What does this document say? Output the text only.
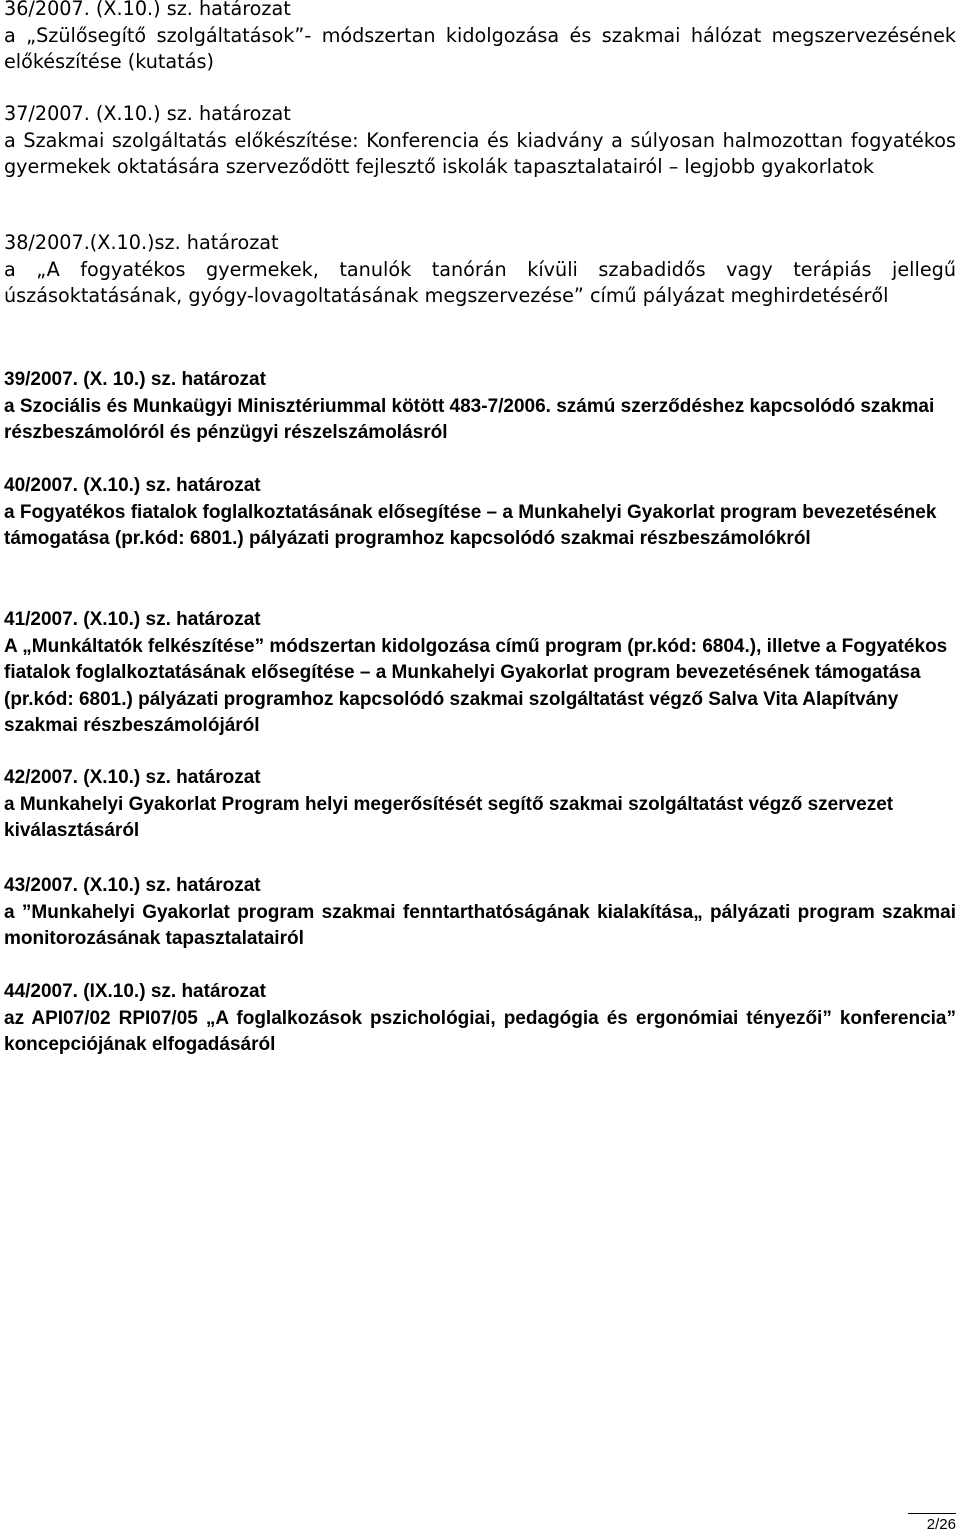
36/2007. (X.10.) sz. határozat
a „Szülősegítő szolgáltatások”- módszertan kidolgozása és szakmai hálózat megszervezésének előkészítése (kutatás)
37/2007. (X.10.) sz. határozat
a Szakmai szolgáltatás előkészítése: Konferencia és kiadvány a súlyosan halmozottan fogyatékos gyermekek oktatására szerveződött fejlesztő iskolák tapasztalatairól – legjobb gyakorlatok
38/2007.(X.10.)sz. határozat
a „A fogyatékos gyermekek, tanulók tanórán kívüli szabadidős vagy terápiás jellegű úszásoktatásának, gyógy-lovagoltatásának megszervezése” című pályázat meghirdetéséről
39/2007. (X. 10.) sz. határozat
a Szociális és Munkaügyi Minisztériummal kötött 483-7/2006. számú szerződéshez kapcsolódó szakmai részbeszámolóról és pénzügyi részelszámolásról
40/2007. (X.10.) sz. határozat
a Fogyatékos fiatalok foglalkoztatásának elősegítése – a Munkahelyi Gyakorlat program bevezetésének támogatása (pr.kód: 6801.) pályázati programhoz kapcsolódó szakmai részbeszámolókról
41/2007. (X.10.) sz. határozat
A „Munkáltatók felkészítése” módszertan kidolgozása című program (pr.kód: 6804.), illetve a Fogyatékos fiatalok foglalkoztatásának elősegítése – a Munkahelyi Gyakorlat program bevezetésének támogatása (pr.kód: 6801.) pályázati programhoz kapcsolódó szakmai szolgáltatást végző Salva Vita Alapítvány szakmai részbeszámolójáról
42/2007. (X.10.) sz. határozat
a Munkahelyi Gyakorlat Program helyi megerősítését segítő szakmai szolgáltatást végző szervezet kiválasztásáról
43/2007. (X.10.) sz. határozat
a ”Munkahelyi Gyakorlat program szakmai fenntarthatóságának kialakítása„ pályázati program szakmai monitorozásának tapasztalatairól
44/2007. (IX.10.) sz. határozat
az API07/02 RPI07/05 „A foglalkozások pszichológiai, pedagógia és ergonómiai tényezői” konferencia” koncepciójának elfogadásáról
2/26
